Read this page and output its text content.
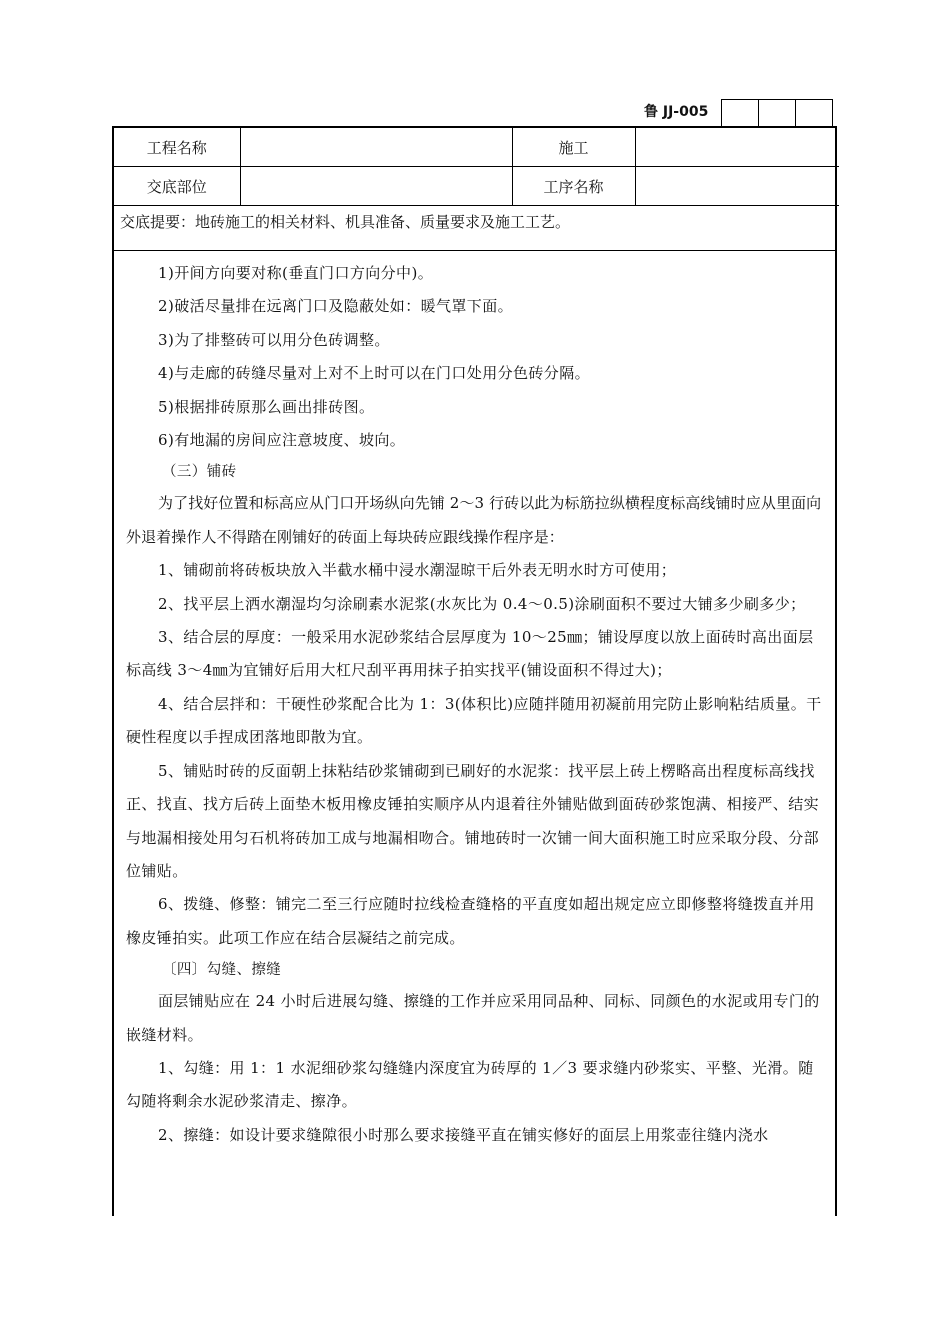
鲁 JJ-005
工程名称		施工	
交底部位		工序名称	
交底提要：地砖施工的相关材料、机具准备、质量要求及施工工艺。

1)开间方向要对称(垂直门口方向分中)。

2)破活尽量排在远离门口及隐蔽处如：暖气罩下面。

3)为了排整砖可以用分色砖调整。

4)与走廊的砖缝尽量对上对不上时可以在门口处用分色砖分隔。

5)根据排砖原那么画出排砖图。

6)有地漏的房间应注意坡度、坡向。

（三）铺砖

为了找好位置和标高应从门口开场纵向先铺 2～3 行砖以此为标筋拉纵横程度标高线铺时应从里面向外退着操作人不得踏在刚铺好的砖面上每块砖应跟线操作程序是：

1、铺砌前将砖板块放入半截水桶中浸水潮湿晾干后外表无明水时方可使用；

2、找平层上洒水潮湿均匀涂刷素水泥浆(水灰比为 0.4～0.5)涂刷面积不要过大铺多少刷多少；

3、结合层的厚度：一般采用水泥砂浆结合层厚度为 10～25㎜；铺设厚度以放上面砖时高出面层标高线 3～4㎜为宜铺好后用大杠尺刮平再用抹子拍实找平(铺设面积不得过大)；

4、结合层拌和：干硬性砂浆配合比为 1：3(体积比)应随拌随用初凝前用完防止影响粘结质量。干硬性程度以手捏成团落地即散为宜。

5、铺贴时砖的反面朝上抹粘结砂浆铺砌到已刷好的水泥浆：找平层上砖上楞略高出程度标高线找正、找直、找方后砖上面垫木板用橡皮锤拍实顺序从内退着往外铺贴做到面砖砂浆饱满、相接严、结实与地漏相接处用匀石机将砖加工成与地漏相吻合。铺地砖时一次铺一间大面积施工时应采取分段、分部位铺贴。

6、拨缝、修整：铺完二至三行应随时拉线检查缝格的平直度如超出规定应立即修整将缝拨直并用橡皮锤拍实。此项工作应在结合层凝结之前完成。

〔四〕勾缝、擦缝

面层铺贴应在 24 小时后进展勾缝、擦缝的工作并应采用同品种、同标、同颜色的水泥或用专门的嵌缝材料。

1、勾缝：用 1：1 水泥细砂浆勾缝缝内深度宜为砖厚的 1／3 要求缝内砂浆实、平整、光滑。随勾随将剩余水泥砂浆清走、擦净。

2、擦缝：如设计要求缝隙很小时那么要求接缝平直在铺实修好的面层上用浆壶往缝内浇水
